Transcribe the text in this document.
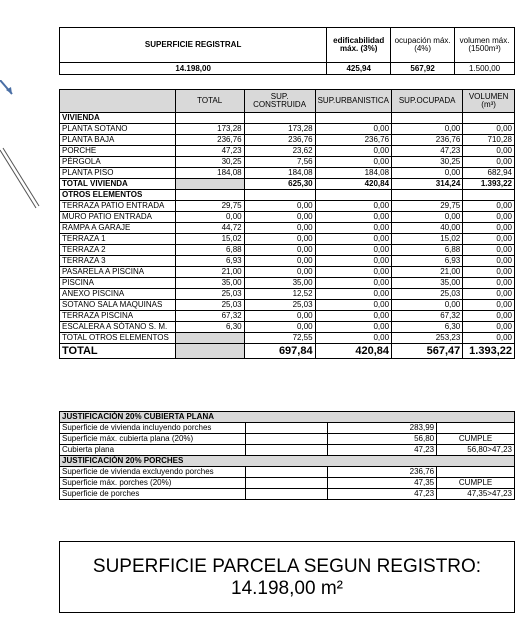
SUPERFICIE REGISTRAL	edificabilidad máx. (3%)	ocupación máx. (4%)	volumen máx. (1500m³)
14.198,00	425,94	567,92	1.500,00
	TOTAL	SUP. CONSTRUIDA	SUP.URBANISTICA	SUP.OCUPADA	VOLUMEN (m³)
VIVIENDA					
PLANTA SOTANO	173,28	173,28	0,00	0,00	0,00
PLANTA BAJA	236,76	236,76	236,76	236,76	710,28
PORCHE	47,23	23,62	0,00	47,23	0,00
PÉRGOLA	30,25	7,56	0,00	30,25	0,00
PLANTA PISO	184,08	184,08	184,08	0,00	682,94
TOTAL VIVIENDA		625,30	420,84	314,24	1.393,22
OTROS ELEMENTOS					
TERRAZA PATIO ENTRADA	29,75	0,00	0,00	29,75	0,00
MURO PATIO ENTRADA	0,00	0,00	0,00	0,00	0,00
RAMPA A GARAJE	44,72	0,00	0,00	40,00	0,00
TERRAZA 1	15,02	0,00	0,00	15,02	0,00
TERRAZA 2	6,88	0,00	0,00	6,88	0,00
TERRAZA 3	6,93	0,00	0,00	6,93	0,00
PASARELA A PISCINA	21,00	0,00	0,00	21,00	0,00
PISCINA	35,00	35,00	0,00	35,00	0,00
ANEXO PISCINA	25,03	12,52	0,00	25,03	0,00
SOTANO SALA MAQUINAS	25,03	25,03	0,00	0,00	0,00
TERRAZA PISCINA	67,32	0,00	0,00	67,32	0,00
ESCALERA A SÓTANO S. M.	6,30	0,00	0,00	6,30	0,00
TOTAL OTROS ELEMENTOS		72,55	0,00	253,23	0,00
TOTAL		697,84	420,84	567,47	1.393,22
JUSTIFICACIÓN 20% CUBIERTA PLANA			
Superficie de vivienda incluyendo porches		283,99	
Superficie máx. cubierta plana (20%)		56,80	CUMPLE
Cubierta plana		47,23	56,80>47,23
JUSTIFICACIÓN 20% PORCHES			
Superficie de vivienda excluyendo porches		236,76	
Superficie máx. porches (20%)		47,35	CUMPLE
Superficie de porches		47,23	47,35>47,23
SUPERFICIE PARCELA SEGUN REGISTRO:
14.198,00 m²
